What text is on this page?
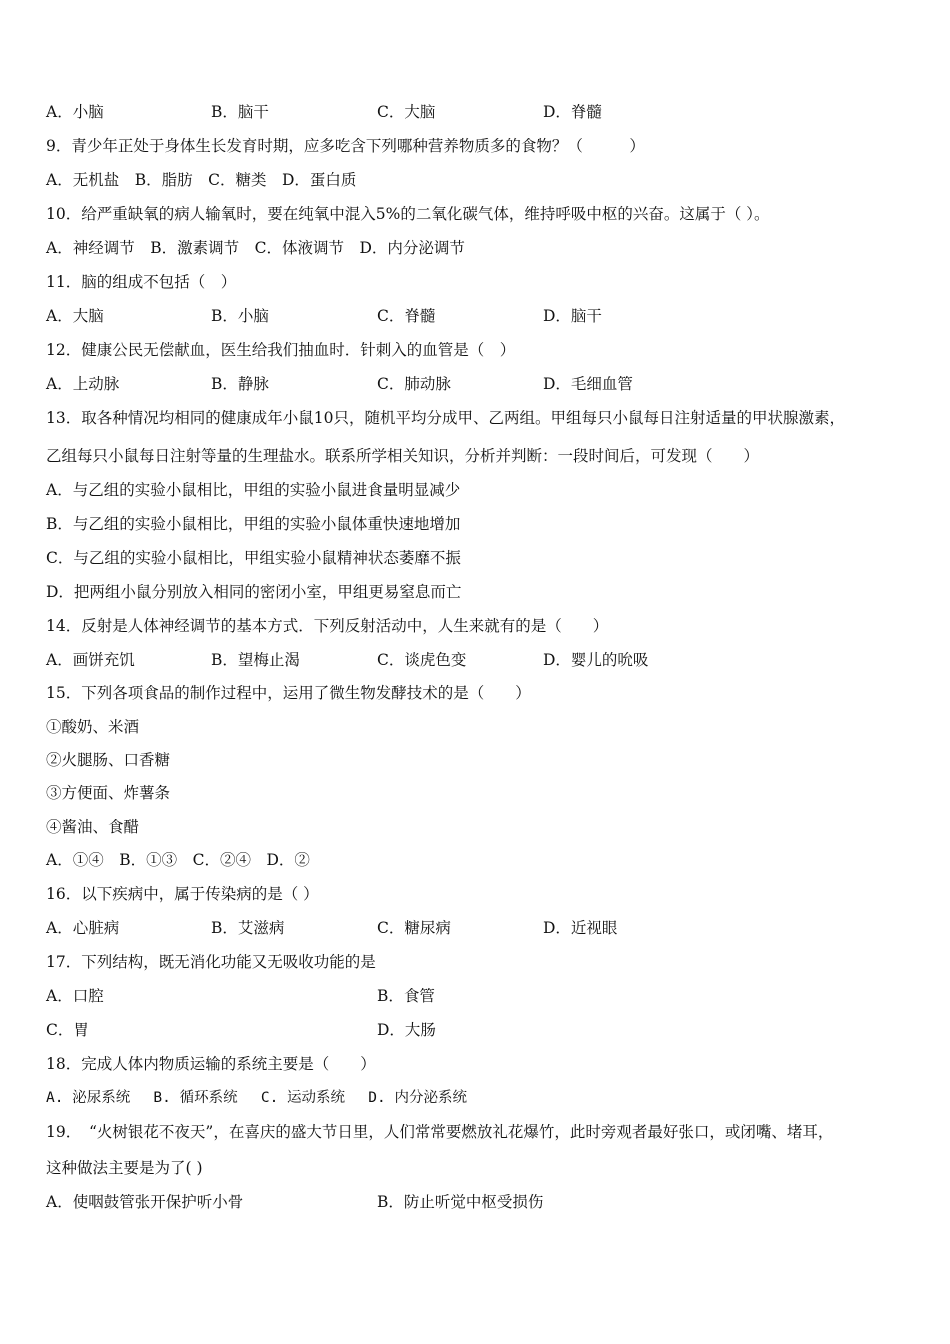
A．小脑	B．脑干	C．大脑	D．脊髓
9．青少年正处于身体生长发育时期，应多吃含下列哪种营养物质多的食物？（　　　）
A．无机盐　B．脂肪　C．糖类　D．蛋白质
10．给严重缺氧的病人输氧时，要在纯氧中混入5%的二氧化碳气体，维持呼吸中枢的兴奋。这属于（ ）。
A．神经调节　B．激素调节　C．体液调节　D．内分泌调节
11．脑的组成不包括（　）
A．大脑	B．小脑	C．脊髓	D．脑干
12．健康公民无偿献血，医生给我们抽血时．针刺入的血管是（　）
A．上动脉	B．静脉	C．肺动脉	D．毛细血管
13．取各种情况均相同的健康成年小鼠10只，随机平均分成甲、乙两组。甲组每只小鼠每日注射适量的甲状腺激素，
乙组每只小鼠每日注射等量的生理盐水。联系所学相关知识，分析并判断：一段时间后，可发现（　　）
A．与乙组的实验小鼠相比，甲组的实验小鼠进食量明显减少
B．与乙组的实验小鼠相比，甲组的实验小鼠体重快速地增加
C．与乙组的实验小鼠相比，甲组实验小鼠精神状态萎靡不振
D．把两组小鼠分别放入相同的密闭小室，甲组更易窒息而亡
14．反射是人体神经调节的基本方式．下列反射活动中，人生来就有的是（　　）
A．画饼充饥	B．望梅止渴	C．谈虎色变	D．婴儿的吮吸
15．下列各项食品的制作过程中，运用了微生物发酵技术的是（　　）
①酸奶、米酒
②火腿肠、口香糖
③方便面、炸薯条
④酱油、食醋
A．①④　B．①③　C．②④　D．②
16．以下疾病中，属于传染病的是（ ）
A．心脏病	B．艾滋病	C．糖尿病	D．近视眼
17．下列结构，既无消化功能又无吸收功能的是
A．口腔	B．食管
C．胃	D．大肠
18．完成人体内物质运输的系统主要是（　　）
A. 泌尿系统　 B. 循环系统　 C. 运动系统　 D. 内分泌系统
19．　“火树银花不夜天”，在喜庆的盛大节日里，人们常常要燃放礼花爆竹，此时旁观者最好张口，或闭嘴、堵耳，
这种做法主要是为了( )
A．使咽鼓管张开保护听小骨	B．防止听觉中枢受损伤
